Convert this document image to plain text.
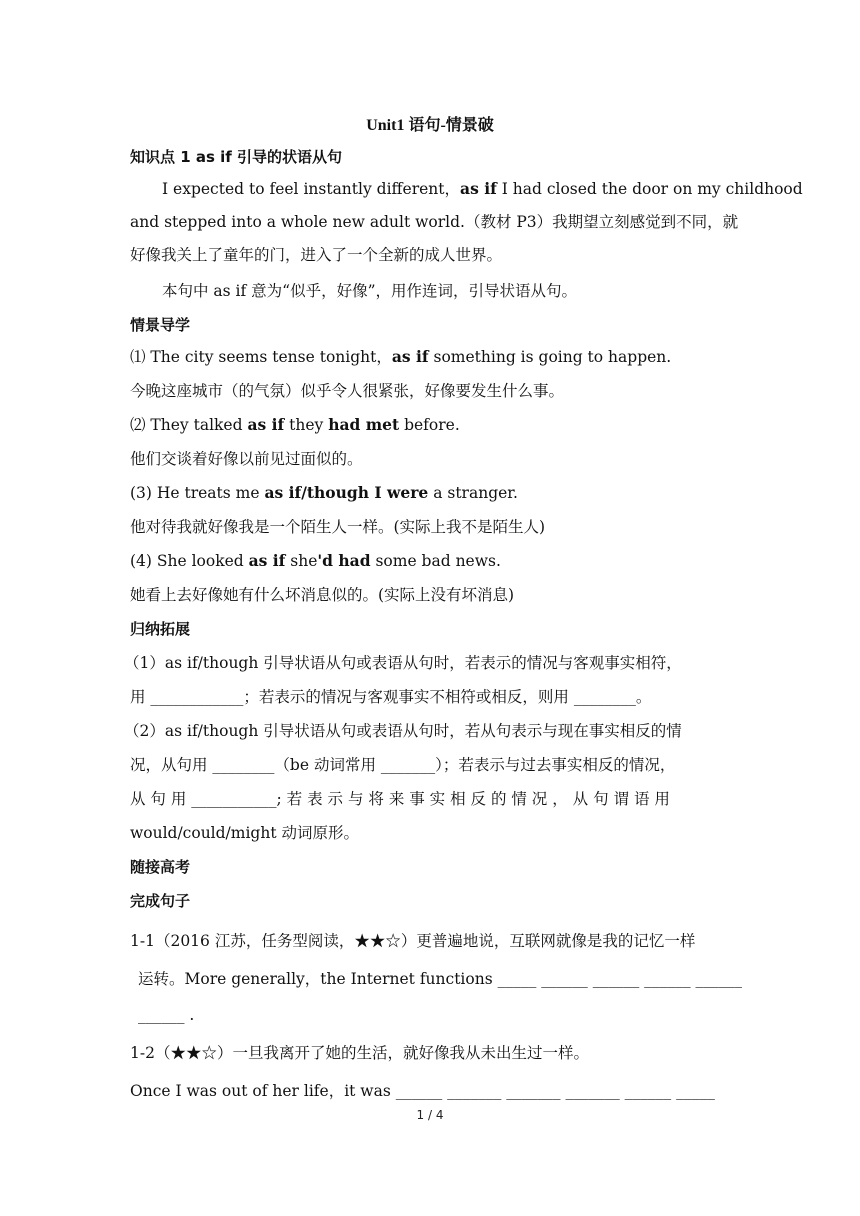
Unit1 语句-情景破
知识点 1 as if 引导的状语从句
I expected to feel instantly different，as if I had closed the door on my childhood
and stepped into a whole new adult world.（教材 P3）我期望立刻感觉到不同，就
好像我关上了童年的门，进入了一个全新的成人世界。
本句中 as if 意为“似乎，好像”，用作连词，引导状语从句。
情景导学
⑴ The city seems tense tonight，as if something is going to happen.
今晚这座城市（的气氛）似乎令人很紧张，好像要发生什么事。
⑵ They talked as if they had met before.
他们交谈着好像以前见过面似的。
(3) He treats me as if/though I were a stranger.
他对待我就好像我是一个陌生人一样。(实际上我不是陌生人)
(4) She looked as if she'd had some bad news.
她看上去好像她有什么坏消息似的。(实际上没有坏消息)
归纳拓展
（1）as if/though 引导状语从句或表语从句时，若表示的情况与客观事实相符，
用 ____________；若表示的情况与客观事实不相符或相反，则用 ________。
（2）as if/though 引导状语从句或表语从句时，若从句表示与现在事实相反的情
况，从句用 ________（be 动词常用 _______）；若表示与过去事实相反的情况，
从 句 用 ___________; 若 表 示 与 将 来 事 实 相 反 的 情 况 ， 从 句 谓 语 用
would/could/might 动词原形。
随接高考
完成句子
1-1（2016 江苏，任务型阅读，★★☆）更普遍地说，互联网就像是我的记忆一样
运转。More generally，the Internet functions _____ ______ ______ ______ ______
______ .
1-2（★★☆）一旦我离开了她的生活，就好像我从未出生过一样。
Once I was out of her life，it was ______ _______ _______ _______ ______ _____
1 / 4
